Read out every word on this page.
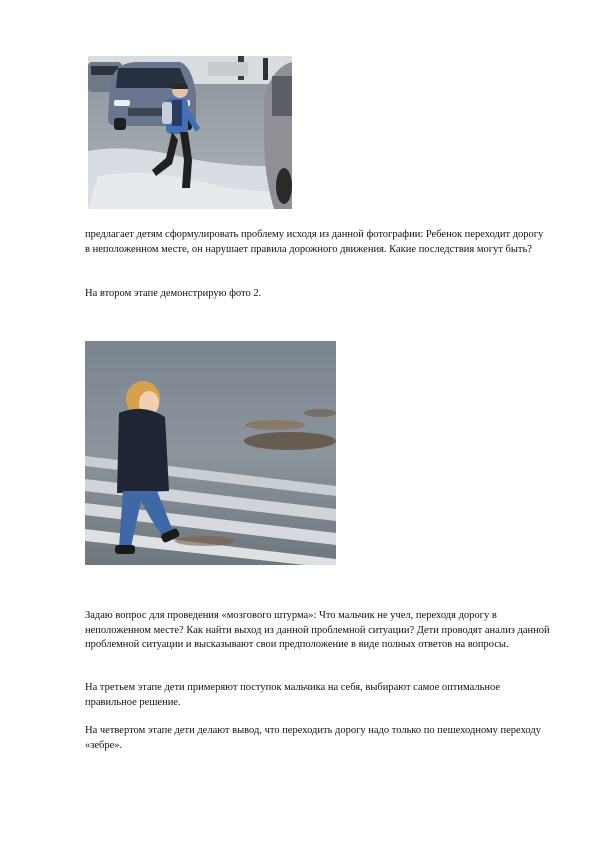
предлагает детям сформулировать проблему исходя из данной фотографии: Ребенок переходит дорогу в неположенном месте, он нарушает правила дорожного движения. Какие последствия могут быть?

На втором этапе демонстрирую фото 2.

Задаю вопрос для проведения «мозгового штурма»: Что мальчик не учел, переходя дорогу в неположенном месте? Как найти выход из данной проблемной ситуации? Дети проводят анализ данной проблемной ситуации и высказывают свои предположение в виде полных ответов на вопросы.

На третьем этапе дети примеряют поступок мальчика на себя, выбирают самое оптимальное правильное решение.

На четвертом этапе дети делают вывод, что переходить дорогу надо только по пешеходному переходу «зебре».
